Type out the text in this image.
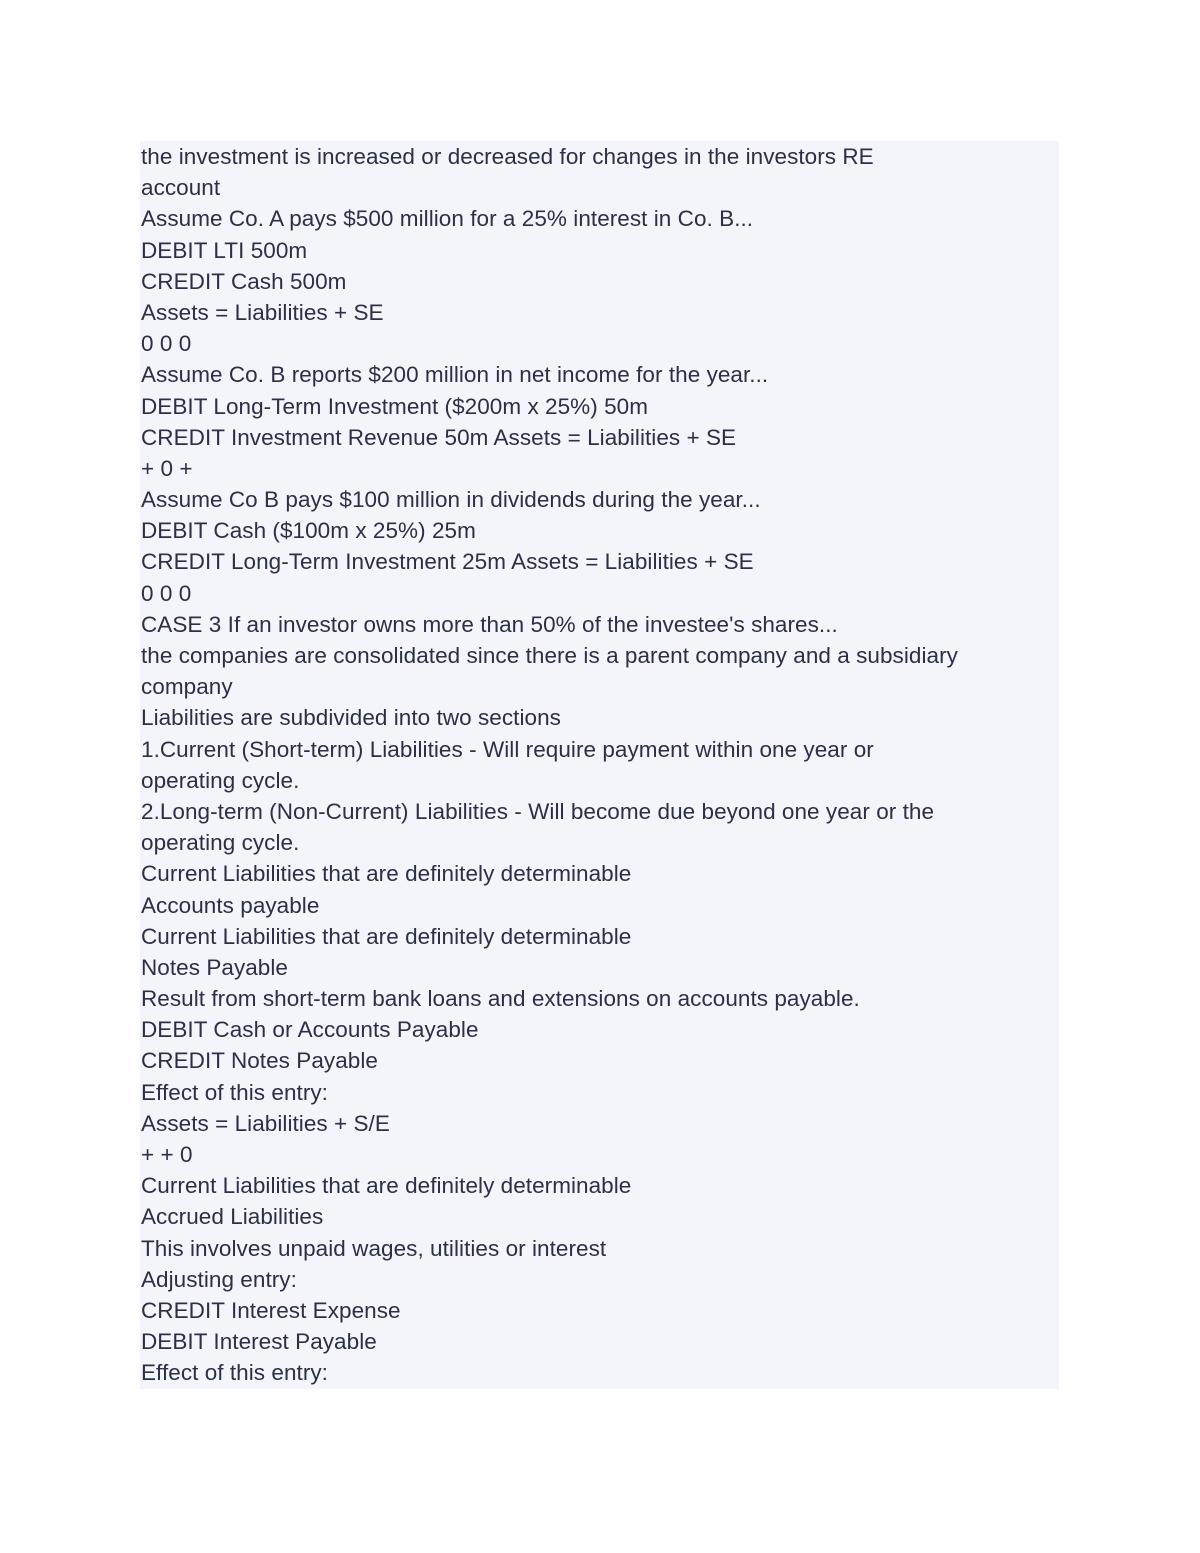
the investment is increased or decreased for changes in the investors RE
account
Assume Co. A pays $500 million for a 25% interest in Co. B...
DEBIT LTI 500m
CREDIT Cash 500m
Assets = Liabilities + SE
0 0 0
Assume Co. B reports $200 million in net income for the year...
DEBIT Long-Term Investment ($200m x 25%) 50m
CREDIT Investment Revenue 50m Assets = Liabilities + SE
+ 0 +
Assume Co B pays $100 million in dividends during the year...
DEBIT Cash ($100m x 25%) 25m
CREDIT Long-Term Investment 25m Assets = Liabilities + SE
0 0 0
CASE 3 If an investor owns more than 50% of the investee's shares...
the companies are consolidated since there is a parent company and a subsidiary
company
Liabilities are subdivided into two sections
1.Current (Short-term) Liabilities - Will require payment within one year or
operating cycle.
2.Long-term (Non-Current) Liabilities - Will become due beyond one year or the
operating cycle.
Current Liabilities that are definitely determinable
Accounts payable
Current Liabilities that are definitely determinable
Notes Payable
Result from short-term bank loans and extensions on accounts payable.
DEBIT Cash or Accounts Payable
CREDIT Notes Payable
Effect of this entry:
Assets = Liabilities + S/E
+ + 0
Current Liabilities that are definitely determinable
Accrued Liabilities
This involves unpaid wages, utilities or interest
Adjusting entry:
CREDIT Interest Expense
DEBIT Interest Payable
Effect of this entry:
